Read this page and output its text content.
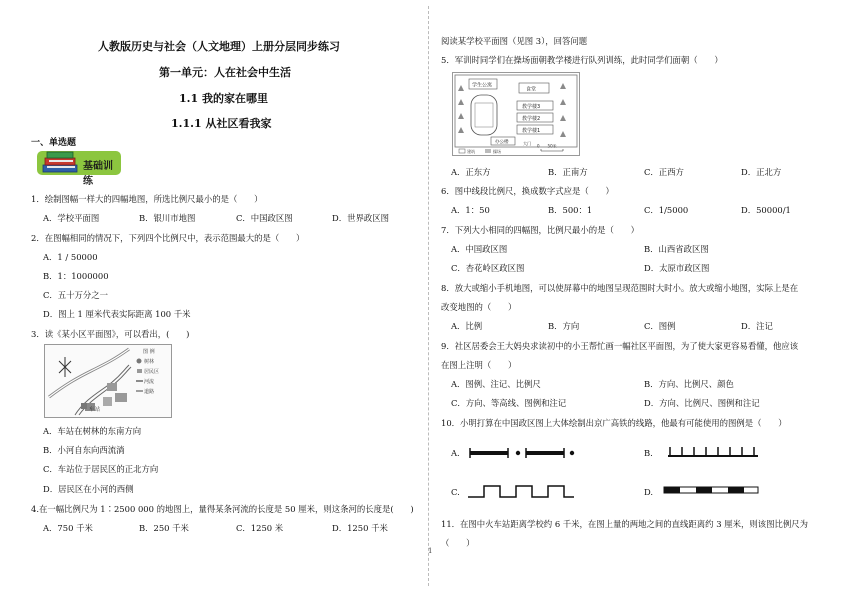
人教版历史与社会（人文地理）上册分层同步练习
第一单元：人在社会中生活
1.1 我的家在哪里
1.1.1 从社区看我家
一、单选题
基础训练
1．绘制图幅一样大的四幅地图，所选比例尺最小的是（　　）
A．学校平面图	B．银川市地图	C．中国政区图	D．世界政区图
2．在图幅相同的情况下，下列四个比例尺中，表示范围最大的是（　　）
A．1 / 50000
B．1：1000000
C．五十万分之一
D．图上 1 厘米代表实际距离 100 千米
3．读《某小区平面图》，可以看出，(　　)
图 例
树林
居民区
河流
道路
车站
A．车站在树林的东南方向
B．小河自东向西流淌
C．车站位于居民区的正北方向
D．居民区在小河的西侧
4.在一幅比例尺为 1∶2500 000 的地图上，量得某条河流的长度是 50 厘米，则这条河的长度是(　　)
A．750 千米	B．250 千米	C．1250 米	D．1250 千米
1
阅读某学校平面图（见图 3），回答问题
5．军训时同学们在操场面朝教学楼进行队列训练，此时同学们面朝（　　）
学生公寓
食堂
教学楼3
教学楼2
教学楼1
办公楼	大门
建筑	操场
0　　50米
A．正东方	B．正南方	C．正西方	D．正北方
6．图中线段比例尺，换成数字式应是（　　）
A．1：50	B．500：1	C．1/5000	D．50000/1
7．下列大小相同的四幅图，比例尺最小的是（　　）
A．中国政区图	B．山西省政区图
C．杏花岭区政区图	D．太原市政区图
8．放大或缩小手机地图，可以使屏幕中的地图呈现范围时大时小。放大或缩小地图，实际上是在
改变地图的（　　）
A．比例	B．方向	C．图例	D．注记
9．社区居委会王大妈央求读初中的小王帮忙画一幅社区平面图，为了使大家更容易看懂，他应该
在图上注明（　　）
A．图例、注记、比例尺	B．方向、比例尺、颜色
C．方向、等高线、图例和注记	D．方向、比例尺、图例和注记
10．小明打算在中国政区图上大体绘制出京广高铁的线路，他最有可能使用的图例是（　　）
A.	B.
C.	D.
11．在图中火车站距离学校约 6 千米，在图上量的两地之间的直线距离约 3 厘米，则该图比例尺为
（　　）
